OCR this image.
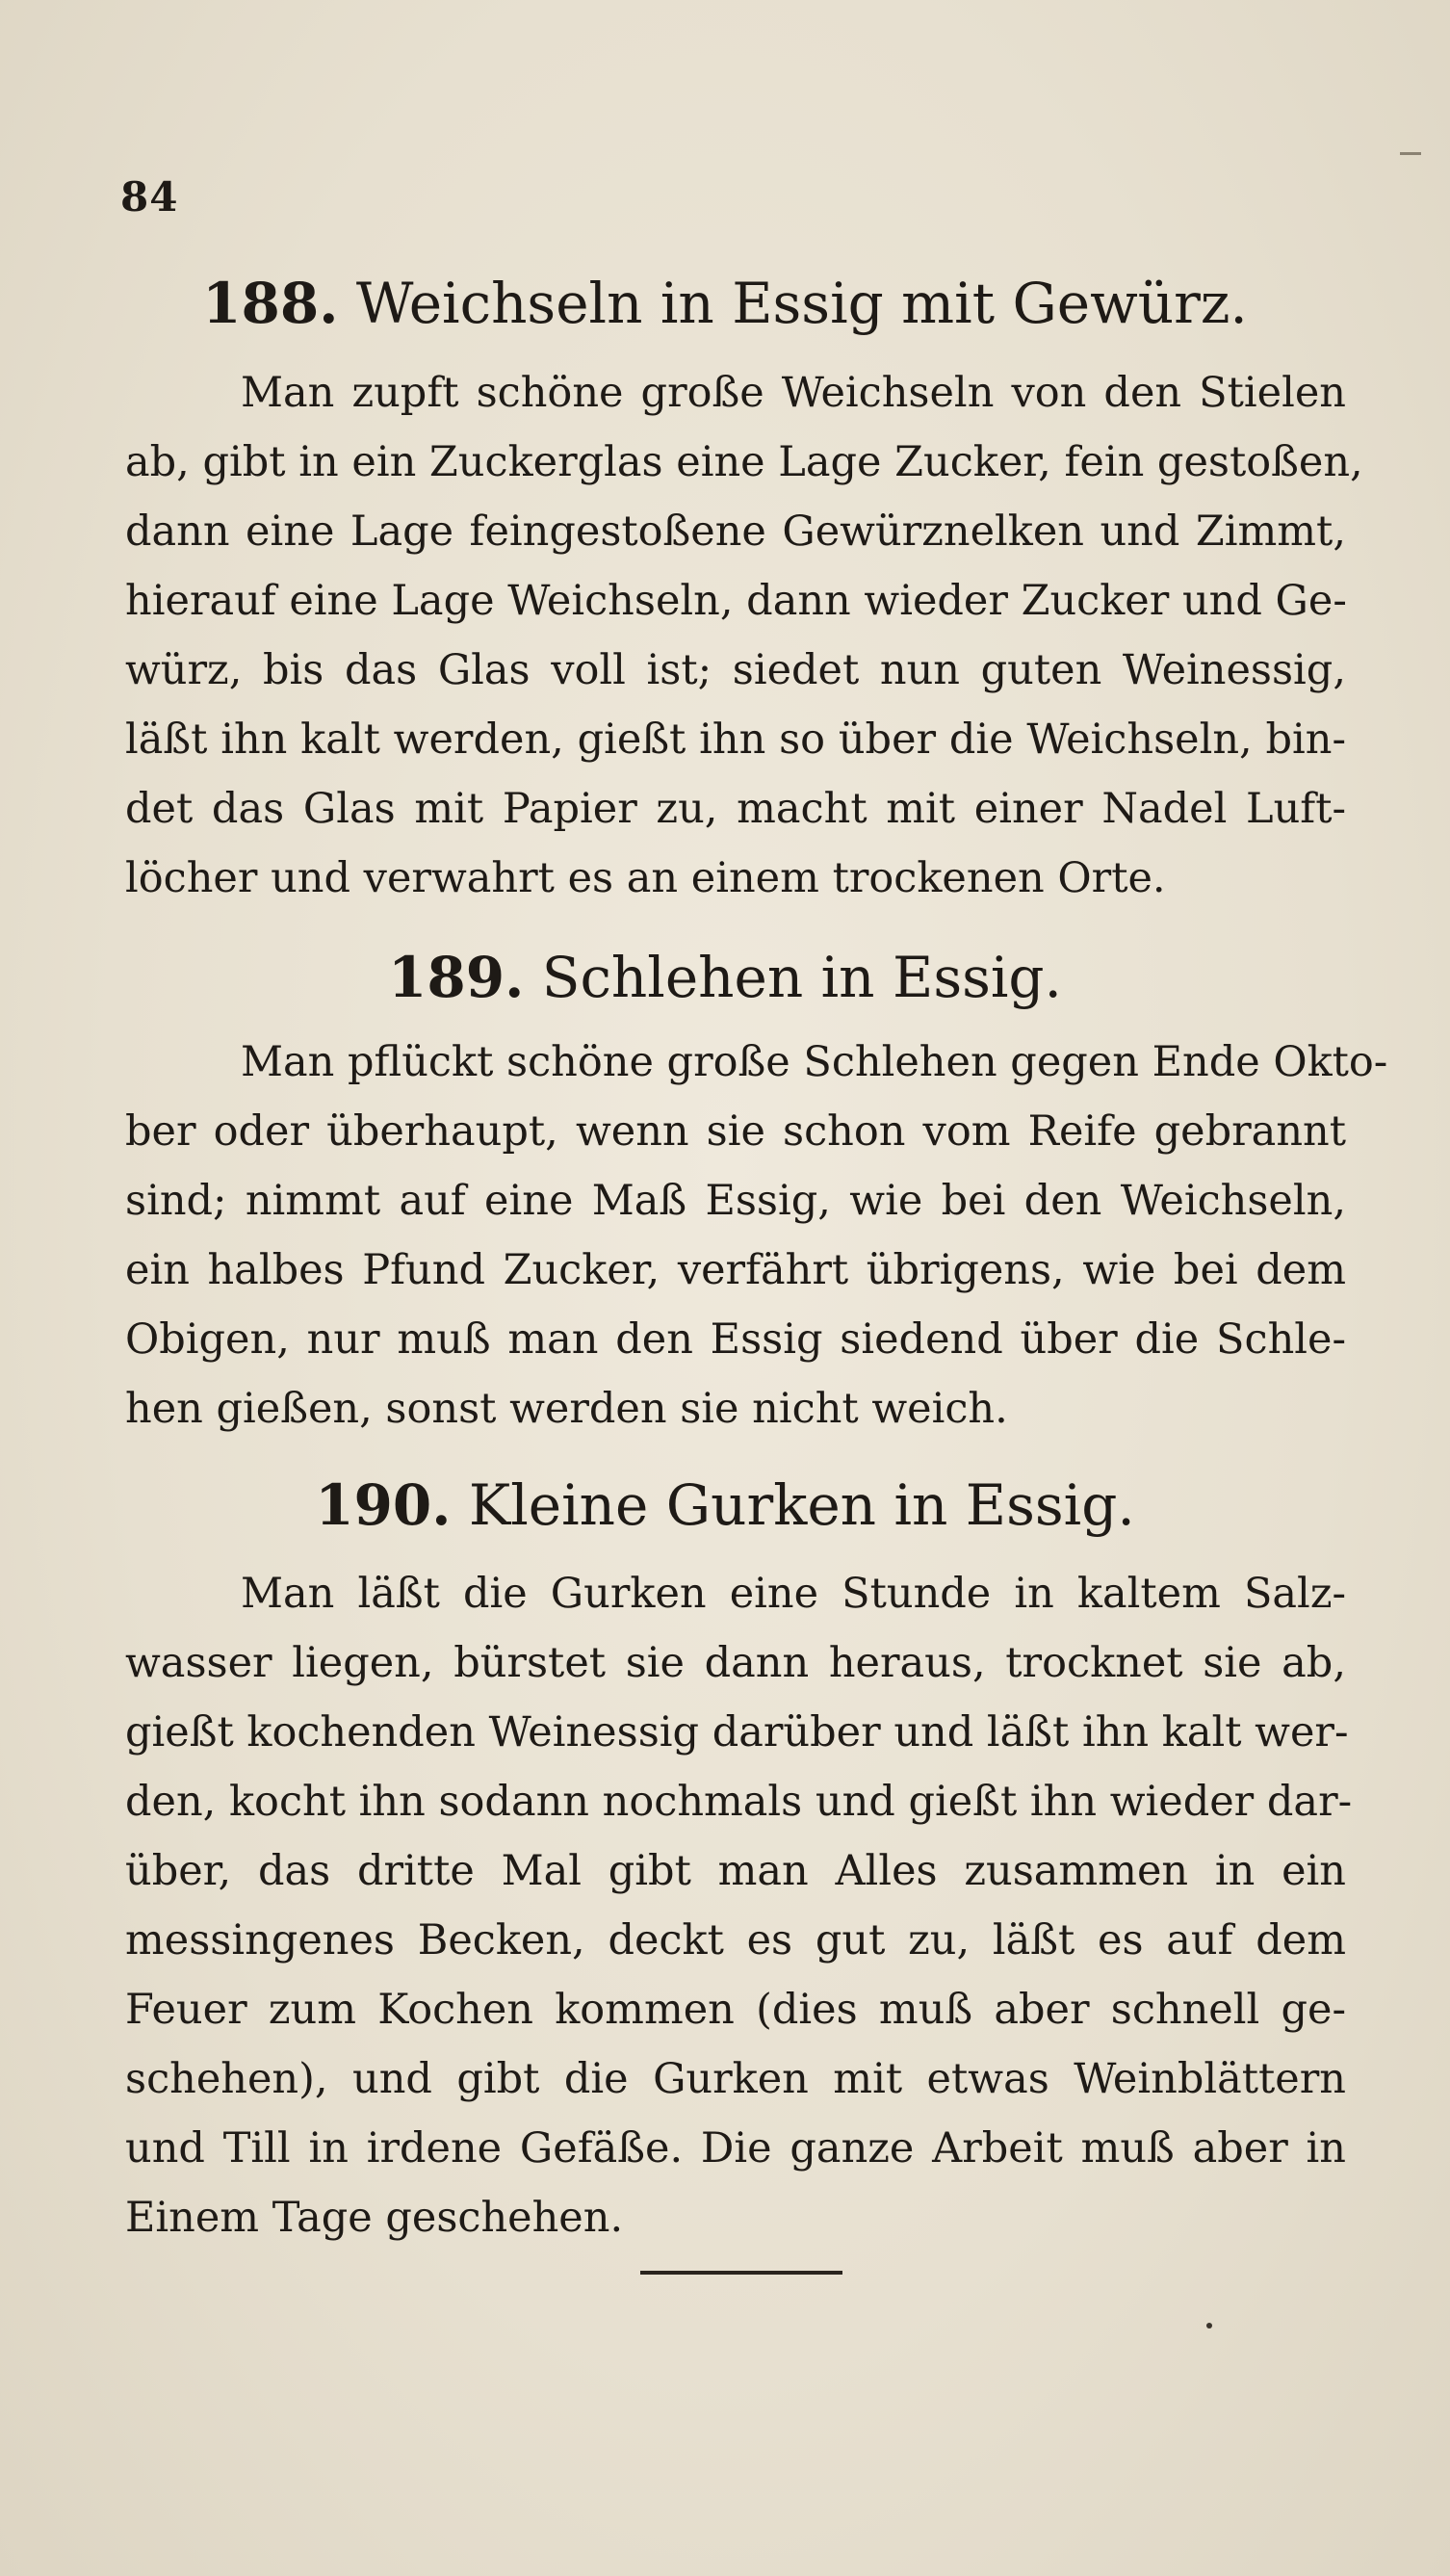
84
188. Weichseln in Essig mit Gewürz.
Man zupft schöne große Weichseln von den Stielen
ab, gibt in ein Zuckerglas eine Lage Zucker, fein gestoßen,
dann eine Lage feingestoßene Gewürznelken und Zimmt,
hierauf eine Lage Weichseln, dann wieder Zucker und Ge-
würz, bis das Glas voll ist; siedet nun guten Weinessig,
läßt ihn kalt werden, gießt ihn so über die Weichseln, bin-
det das Glas mit Papier zu, macht mit einer Nadel Luft-
löcher und verwahrt es an einem trockenen Orte.
189. Schlehen in Essig.
Man pflückt schöne große Schlehen gegen Ende Okto-
ber oder überhaupt, wenn sie schon vom Reife gebrannt
sind; nimmt auf eine Maß Essig, wie bei den Weichseln,
ein halbes Pfund Zucker, verfährt übrigens, wie bei dem
Obigen, nur muß man den Essig siedend über die Schle-
hen gießen, sonst werden sie nicht weich.
190. Kleine Gurken in Essig.
Man läßt die Gurken eine Stunde in kaltem Salz-
wasser liegen, bürstet sie dann heraus, trocknet sie ab,
gießt kochenden Weinessig darüber und läßt ihn kalt wer-
den, kocht ihn sodann nochmals und gießt ihn wieder dar-
über, das dritte Mal gibt man Alles zusammen in ein
messingenes Becken, deckt es gut zu, läßt es auf dem
Feuer zum Kochen kommen (dies muß aber schnell ge-
schehen), und gibt die Gurken mit etwas Weinblättern
und Till in irdene Gefäße. Die ganze Arbeit muß aber in
Einem Tage geschehen.
